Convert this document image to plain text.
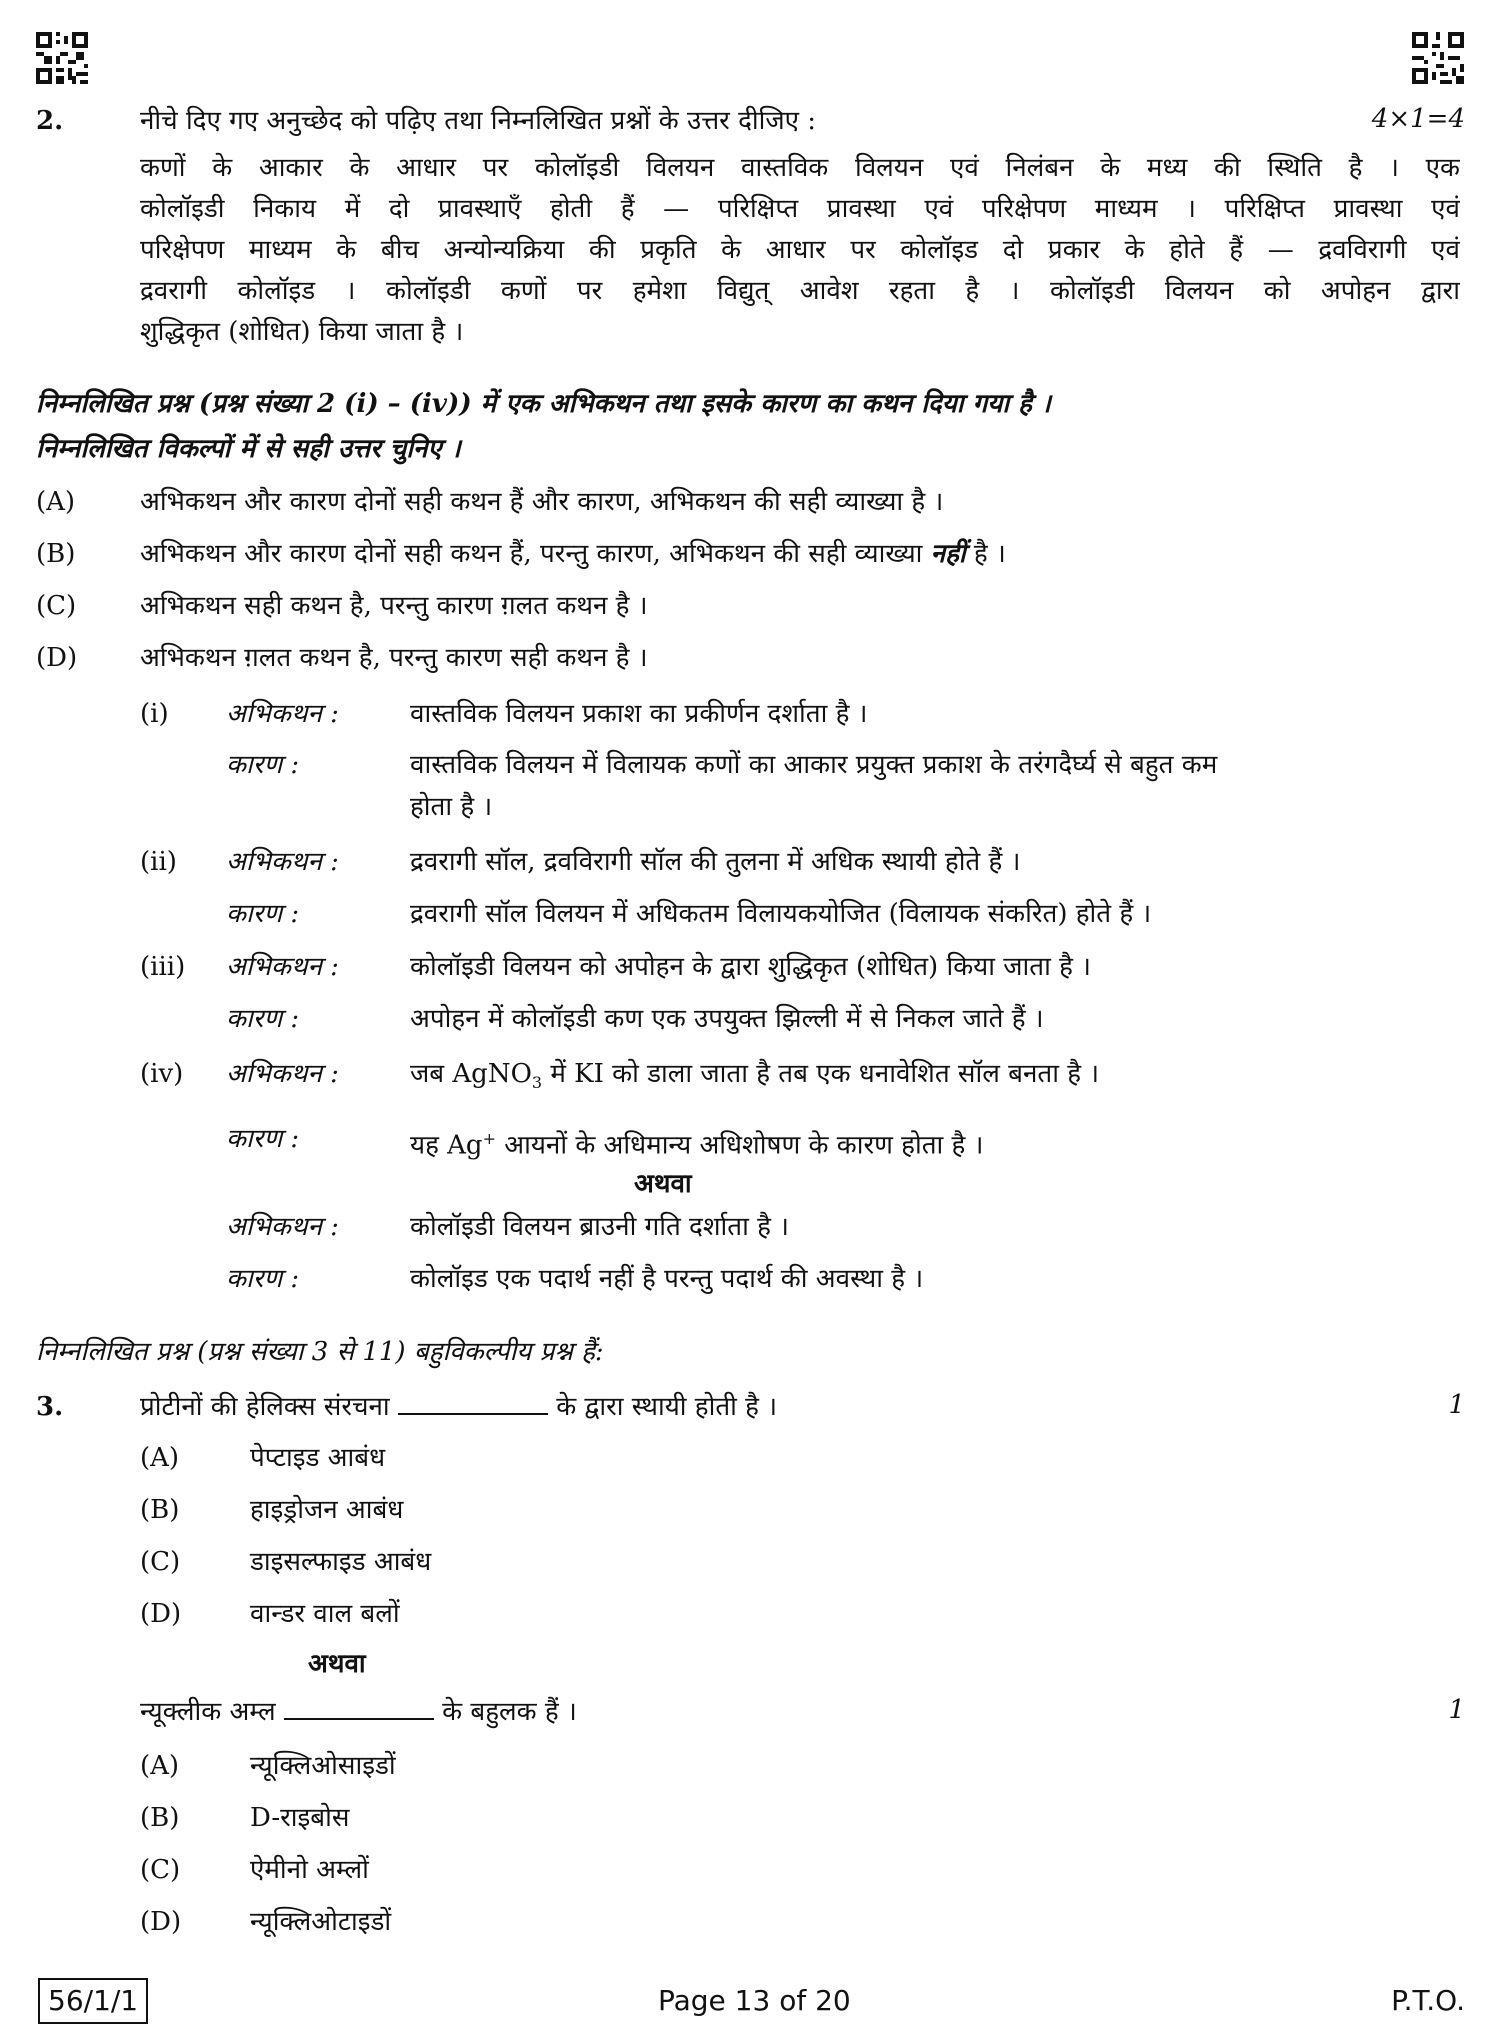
2.	नीचे दिए गए अनुच्छेद को पढ़िए तथा निम्नलिखित प्रश्नों के उत्तर दीजिए :	4×1=4
कणों के आकार के आधार पर कोलॉइडी विलयन वास्तविक विलयन एवं निलंबन के मध्य की स्थिति है । एक
कोलॉइडी निकाय में दो प्रावस्थाएँ होती हैं — परिक्षिप्त प्रावस्था एवं परिक्षेपण माध्यम । परिक्षिप्त प्रावस्था एवं
परिक्षेपण माध्यम के बीच अन्योन्यक्रिया की प्रकृति के आधार पर कोलॉइड दो प्रकार के होते हैं — द्रवविरागी एवं
द्रवरागी कोलॉइड । कोलॉइडी कणों पर हमेशा विद्युत् आवेश रहता है । कोलॉइडी विलयन को अपोहन द्वारा
शुद्धिकृत (शोधित) किया जाता है ।
निम्नलिखित प्रश्न (प्रश्न संख्या 2 (i) – (iv)) में एक अभिकथन तथा इसके कारण का कथन दिया गया है ।
निम्नलिखित विकल्पों में से सही उत्तर चुनिए ।
(A) अभिकथन और कारण दोनों सही कथन हैं और कारण, अभिकथन की सही व्याख्या है ।
(B) अभिकथन और कारण दोनों सही कथन हैं, परन्तु कारण, अभिकथन की सही व्याख्या नहीं है ।
(C) अभिकथन सही कथन है, परन्तु कारण ग़लत कथन है ।
(D) अभिकथन ग़लत कथन है, परन्तु कारण सही कथन है ।
(i) अभिकथन :	वास्तविक विलयन प्रकाश का प्रकीर्णन दर्शाता है ।
कारण :	वास्तविक विलयन में विलायक कणों का आकार प्रयुक्त प्रकाश के तरंगदैर्घ्य से बहुत कम
होता है ।
(ii) अभिकथन :	द्रवरागी सॉल, द्रवविरागी सॉल की तुलना में अधिक स्थायी होते हैं ।
कारण :	द्रवरागी सॉल विलयन में अधिकतम विलायकयोजित (विलायक संकरित) होते हैं ।
(iii) अभिकथन :	कोलॉइडी विलयन को अपोहन के द्वारा शुद्धिकृत (शोधित) किया जाता है ।
कारण :	अपोहन में कोलॉइडी कण एक उपयुक्त झिल्ली में से निकल जाते हैं ।
(iv) अभिकथन :	जब AgNO$_3$ में KI को डाला जाता है तब एक धनावेशित सॉल बनता है ।
कारण :	यह Ag+ आयनों के अधिमान्य अधिशोषण के कारण होता है ।
अथवा
अभिकथन :	कोलॉइडी विलयन ब्राउनी गति दर्शाता है ।
कारण :	कोलॉइड एक पदार्थ नहीं है परन्तु पदार्थ की अवस्था है ।
निम्नलिखित प्रश्न (प्रश्न संख्या 3 से 11) बहुविकल्पीय प्रश्न हैं:
3.	प्रोटीनों की हेलिक्स संरचना	के द्वारा स्थायी होती है ।	1
(A)	पेप्टाइड आबंध
(B)	हाइड्रोजन आबंध
(C)	डाइसल्फाइड आबंध
(D)	वान्डर वाल बलों
अथवा
न्यूक्लीक अम्ल	के बहुलक हैं ।	1
(A)	न्यूक्लिओसाइडों
(B)	D-राइबोस
(C)	ऐमीनो अम्लों
(D)	न्यूक्लिओटाइडों
56/1/1	Page 13 of 20	P.T.O.
